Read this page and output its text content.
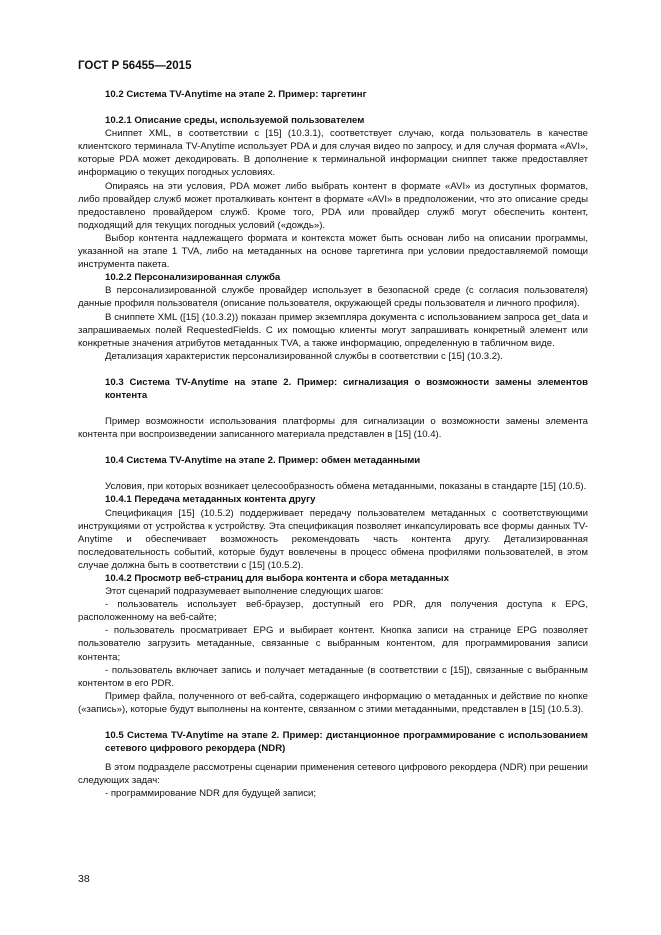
ГОСТ Р 56455—2015
10.2 Система TV-Anytime на этапе 2. Пример: таргетинг
10.2.1 Описание среды, используемой пользователем

Сниппет XML, в соответствии с [15] (10.3.1), соответствует случаю, когда пользователь в качестве клиентского терминала TV-Anytime использует PDA и для случая видео по запросу, и для случая формата «AVI», которые PDA может декодировать. В дополнение к терминальной информации сниппет также предоставляет информацию о текущих погодных условиях.

Опираясь на эти условия, PDA может либо выбрать контент в формате «AVI» из доступных форматов, либо провайдер служб может проталкивать контент в формате «AVI» в предположении, что это описание среды предоставлено провайдером служб. Кроме того, PDA или провайдер служб могут обеспечить контент, подходящий для текущих погодных условий («дождь»).

Выбор контента надлежащего формата и контекста может быть основан либо на описании программы, указанной на этапе 1 TVA, либо на метаданных на основе таргетинга при условии предоставляемой помощи инструмента пакета.

10.2.2 Персонализированная служба

В персонализированной службе провайдер использует в безопасной среде (с согласия пользователя) данные профиля пользователя (описание пользователя, окружающей среды пользователя и личного профиля).

В сниппете XML ([15] (10.3.2)) показан пример экземпляра документа с использованием запроса get_data и запрашиваемых полей RequestedFields. С их помощью клиенты могут запрашивать конкретный элемент или конкретные значения атрибутов метаданных TVA, а также информацию, определенную в табличном виде.

Детализация характеристик персонализированной службы в соответствии с [15] (10.3.2).

10.3 Система TV-Anytime на этапе 2. Пример: сигнализация о возможности замены элементов контента

Пример возможности использования платформы для сигнализации о возможности замены элемента контента при воспроизведении записанного материала представлен в [15] (10.4).

10.4 Система TV-Anytime на этапе 2. Пример: обмен метаданными

Условия, при которых возникает целесообразность обмена метаданными, показаны в стандарте [15] (10.5).

10.4.1 Передача метаданных контента другу

Спецификация [15] (10.5.2) поддерживает передачу пользователем метаданных с соответствующими инструкциями от устройства к устройству. Эта спецификация позволяет инкапсулировать все формы данных TV-Anytime и обеспечивает возможность рекомендовать часть контента другу. Детализированная последовательность событий, которые будут вовлечены в процесс обмена профилями пользователей, в этом случае должна быть в соответствии с [15] (10.5.2).

10.4.2 Просмотр веб-страниц для выбора контента и сбора метаданных

Этот сценарий подразумевает выполнение следующих шагов:

- пользователь использует веб-браузер, доступный его PDR, для получения доступа к EPG, расположенному на веб-сайте;

- пользователь просматривает EPG и выбирает контент. Кнопка записи на странице EPG позволяет пользователю загрузить метаданные, связанные с выбранным контентом, для программирования записи контента;

- пользователь включает запись и получает метаданные (в соответствии с [15]), связанные с выбранным контентом в его PDR.

Пример файла, полученного от веб-сайта, содержащего информацию о метаданных и действие по кнопке («запись»), которые будут выполнены на контенте, связанном с этими метаданными, представлен в [15] (10.5.3).

10.5 Система TV-Anytime на этапе 2. Пример: дистанционное программирование с использованием сетевого цифрового рекордера (NDR)

В этом подразделе рассмотрены сценарии применения сетевого цифрового рекордера (NDR) при решении следующих задач:

- программирование NDR для будущей записи;

38
